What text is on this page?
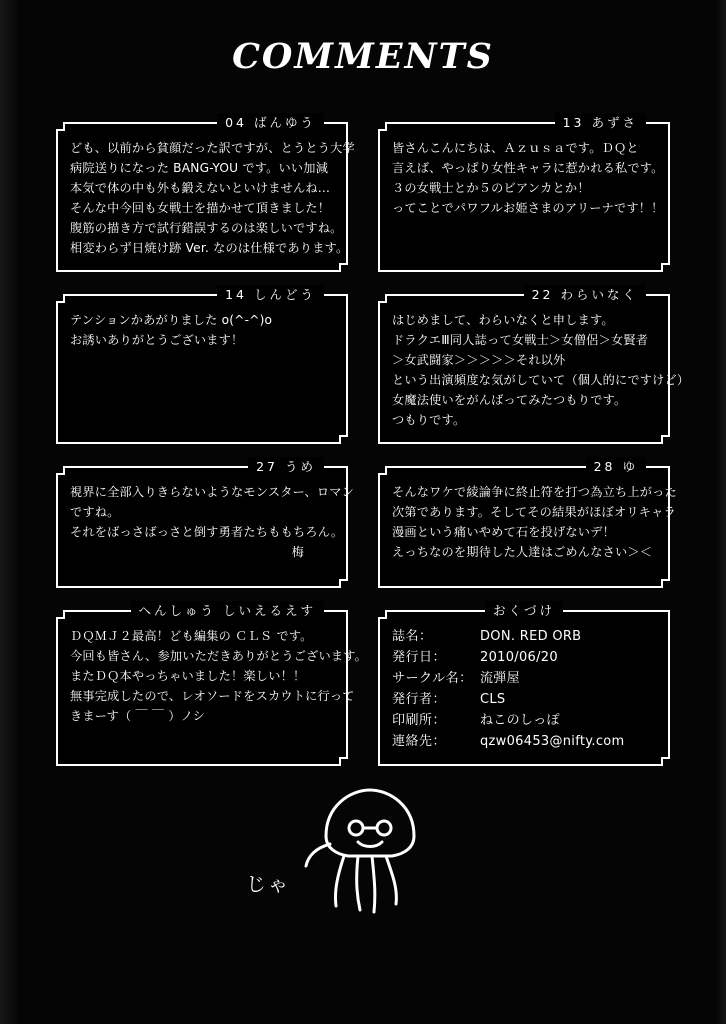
COMMENTS
04 ばんゆう
ども、以前から貧顔だった訳ですが、とうとう大学
病院送りになった BANG-YOU です。いい加減
本気で体の中も外も鍛えないといけませんね…
そんな中今回も女戦士を描かせて頂きました！
腹筋の描き方で試行錯誤するのは楽しいですね。
相変わらず日焼け跡 Ver. なのは仕様であります。
13 あずさ
皆さんこんにちは、Ａｚｕｓａです。ＤＱと
言えば、やっぱり女性キャラに惹かれる私です。
３の女戦士とか５のビアンカとか！
ってことでパワフルお姫さまのアリーナです！！
14 しんどう
テンションかあがりました o(^-^)o
お誘いありがとうございます！
22 わらいなく
はじめまして、わらいなくと申します。
ドラクエⅢ同人誌って女戦士＞女僧侶＞女賢者
＞女武闘家＞＞＞＞＞それ以外
という出演頻度な気がしていて（個人的にですけど）
女魔法使いをがんばってみたつもりです。
つもりです。
27 うめ
視界に全部入りきらないようなモンスター、ロマン
ですね。
それをばっさばっさと倒す勇者たちももちろん。
梅
28 ゆ
そんなワケで綾論争に終止符を打つ為立ち上がった
次第であります。そしてその結果がほぼオリキャラ
漫画という痛いやめて石を投げないデ！
えっちなのを期待した人達はごめんなさい＞＜
へんしゅう しいえるえす
ＤＱＭＪ２最高！ども編集の ＣＬＳ です。
今回も皆さん、参加いただきありがとうございます。
またＤＱ本やっちゃいました！楽しい！！
無事完成したので、レオソードをスカウトに行って
きまーす（ ￣ ￣ ）ノシ
おくづけ
誌名：	DON. RED ORB
発行日：	2010/06/20
サークル名： 流弾屋
発行者：	CLS
印刷所：	ねこのしっぽ
連絡先：	qzw06453@nifty.com
じゃ
